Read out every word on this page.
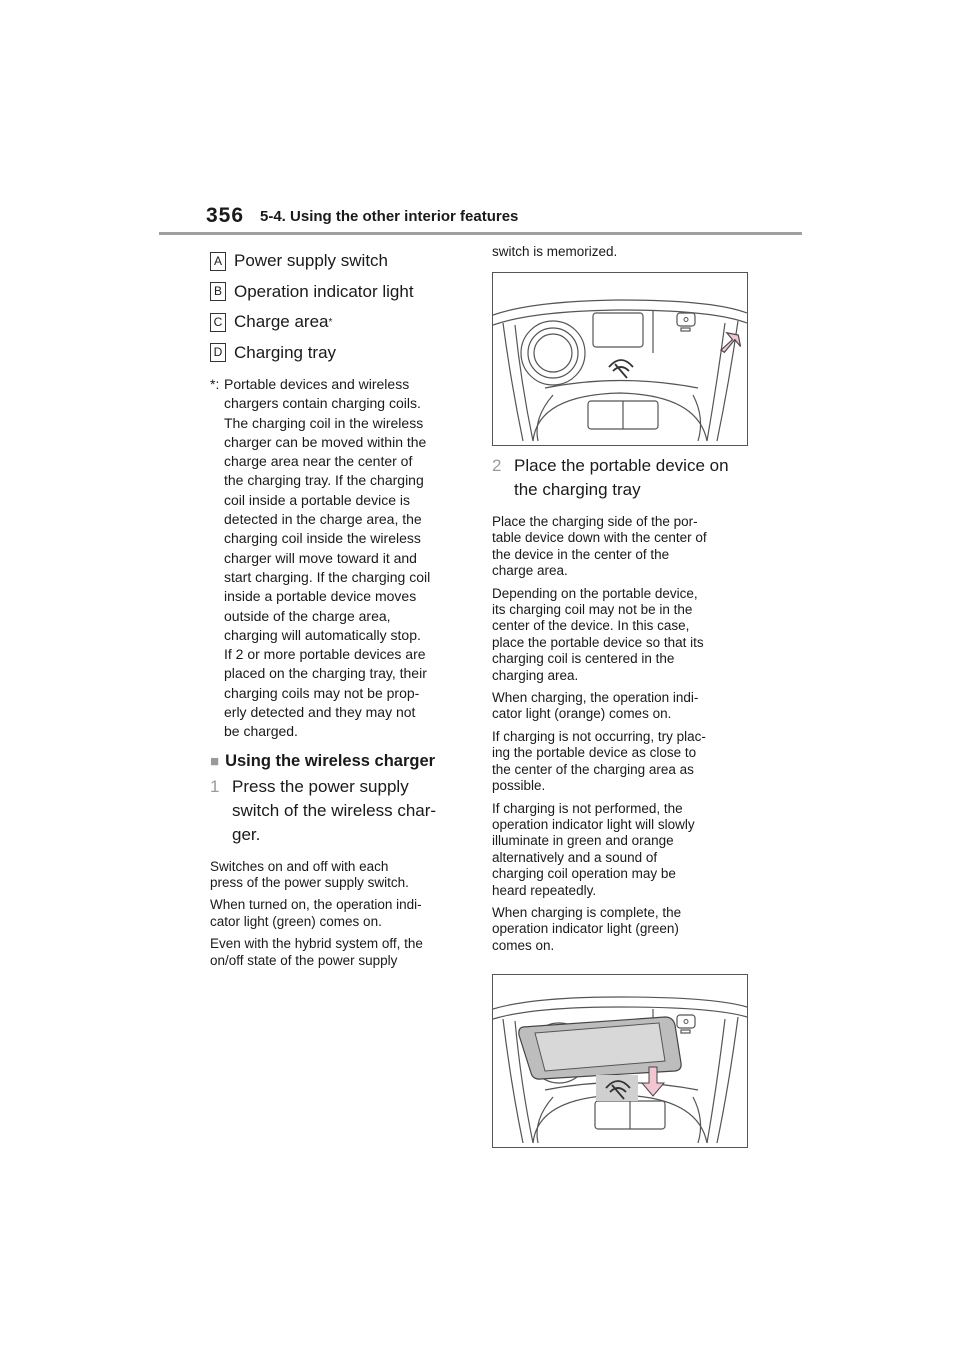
356 5-4. Using the other interior features
A Power supply switch
B Operation indicator light
C Charge area *
D Charging tray
*: Portable devices and wireless
chargers contain charging coils.
The charging coil in the wireless
charger can be moved within the
charge area near the center of
the charging tray. If the charging
coil inside a portable device is
detected in the charge area, the
charging coil inside the wireless
charger will move toward it and
start charging. If the charging coil
inside a portable device moves
outside of the charge area,
charging will automatically stop.
If 2 or more portable devices are
placed on the charging tray, their
charging coils may not be prop-
erly detected and they may not
be charged.
■ Using the wireless charger
1 Press the power supply
switch of the wireless char-
ger.
Switches on and off with each
press of the power supply switch.
When turned on, the operation indi-
cator light (green) comes on.
Even with the hybrid system off, the
on/off state of the power supply
switch is memorized.
2 Place the portable device on
the charging tray
Place the charging side of the por-
table device down with the center of
the device in the center of the
charge area.
Depending on the portable device,
its charging coil may not be in the
center of the device. In this case,
place the portable device so that its
charging coil is centered in the
charging area.
When charging, the operation indi-
cator light (orange) comes on.
If charging is not occurring, try plac-
ing the portable device as close to
the center of the charging area as
possible.
If charging is not performed, the
operation indicator light will slowly
illuminate in green and orange
alternatively and a sound of
charging coil operation may be
heard repeatedly.
When charging is complete, the
operation indicator light (green)
comes on.
